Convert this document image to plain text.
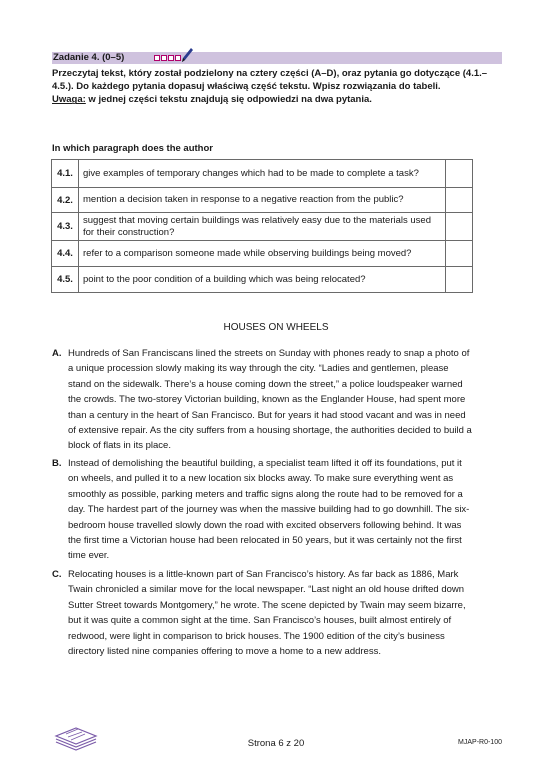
Zadanie 4. (0–5)
Przeczytaj tekst, który został podzielony na cztery części (A–D), oraz pytania go dotyczące (4.1.–4.5.). Do każdego pytania dopasuj właściwą część tekstu. Wpisz rozwiązania do tabeli.
Uwaga: w jednej części tekstu znajdują się odpowiedzi na dwa pytania.
In which paragraph does the author
4.1.	give examples of temporary changes which had to be made to complete a task?	
4.2.	mention a decision taken in response to a negative reaction from the public?	
4.3.	suggest that moving certain buildings was relatively easy due to the materials used for their construction?	
4.4.	refer to a comparison someone made while observing buildings being moved?	
4.5.	point to the poor condition of a building which was being relocated?	
HOUSES ON WHEELS
A. Hundreds of San Franciscans lined the streets on Sunday with phones ready to snap a photo of a unique procession slowly making its way through the city. “Ladies and gentlemen, please stand on the sidewalk. There’s a house coming down the street,” a police loudspeaker warned the crowds. The two-storey Victorian building, known as the Englander House, had spent more than a century in the heart of San Francisco. But for years it had stood vacant and was in need of extensive repair. As the city suffers from a housing shortage, the authorities decided to build a block of flats in its place.
B. Instead of demolishing the beautiful building, a specialist team lifted it off its foundations, put it on wheels, and pulled it to a new location six blocks away. To make sure everything went as smoothly as possible, parking meters and traffic signs along the route had to be removed for a day. The hardest part of the journey was when the massive building had to go downhill. The six-bedroom house travelled slowly down the road with excited observers following behind. It was the first time a Victorian house had been relocated in 50 years, but it was certainly not the first time ever.
C. Relocating houses is a little-known part of San Francisco’s history. As far back as 1886, Mark Twain chronicled a similar move for the local newspaper. “Last night an old house drifted down Sutter Street towards Montgomery,” he wrote. The scene depicted by Twain may seem bizarre, but it was quite a common sight at the time. San Francisco’s houses, built almost entirely of redwood, were light in comparison to brick houses. The 1900 edition of the city’s business directory listed nine companies offering to move a home to a new address.
Strona 6 z 20	MJAP-R0-100
